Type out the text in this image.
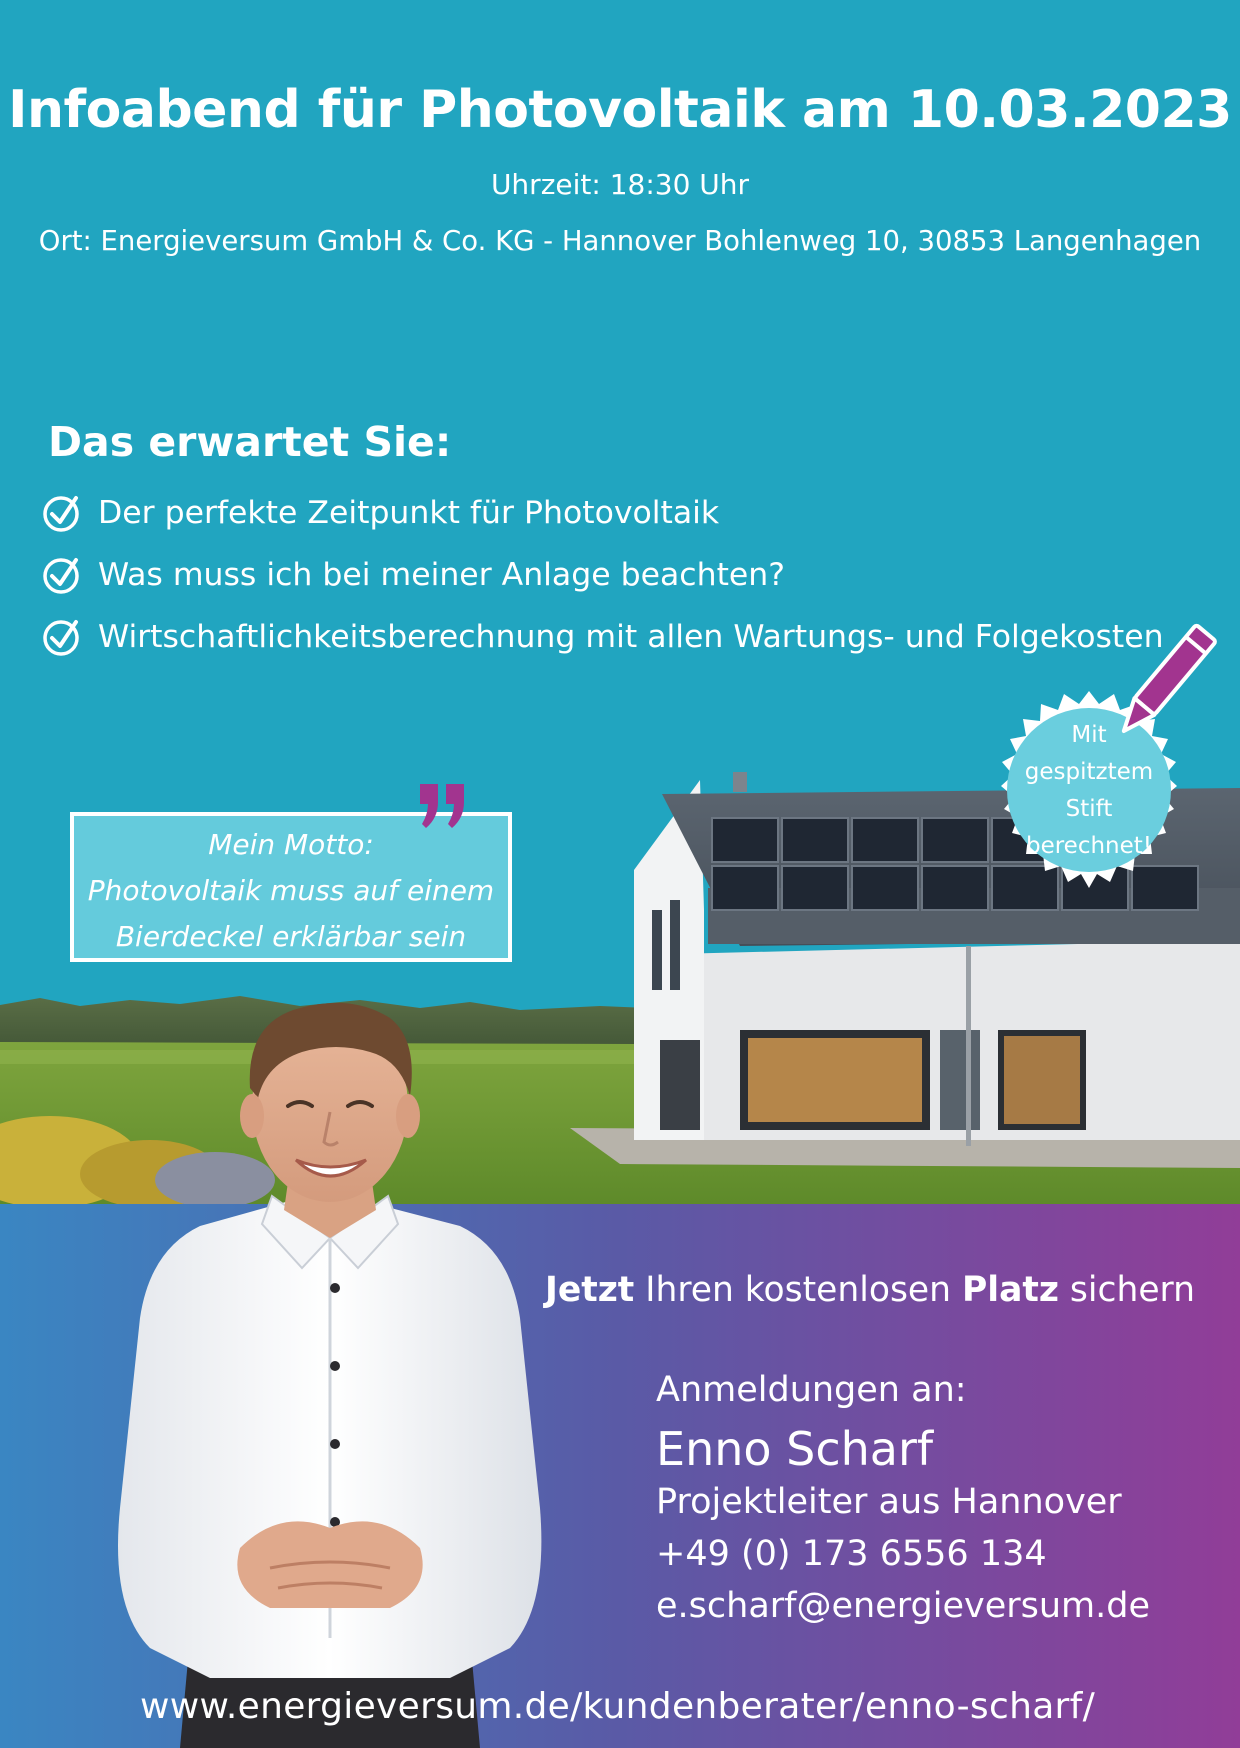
Infoabend für Photovoltaik am 10.03.2023
Uhrzeit: 18:30 Uhr
Ort: Energieversum GmbH & Co. KG - Hannover Bohlenweg 10, 30853 Langenhagen
Das erwartet Sie:
Der perfekte Zeitpunkt für Photovoltaik
Was muss ich bei meiner Anlage beachten?
Wirtschaftlichkeitsberechnung mit allen Wartungs- und Folgekosten
Mit
gespitztem
Stift
berechnet!
Mein Motto:
Photovoltaik muss auf einem
Bierdeckel erklärbar sein
Jetzt Ihren kostenlosen Platz sichern
Anmeldungen an:
Enno Scharf
Projektleiter aus Hannover
+49 (0) 173 6556 134
e.scharf@energieversum.de
www.energieversum.de/kundenberater/enno-scharf/
